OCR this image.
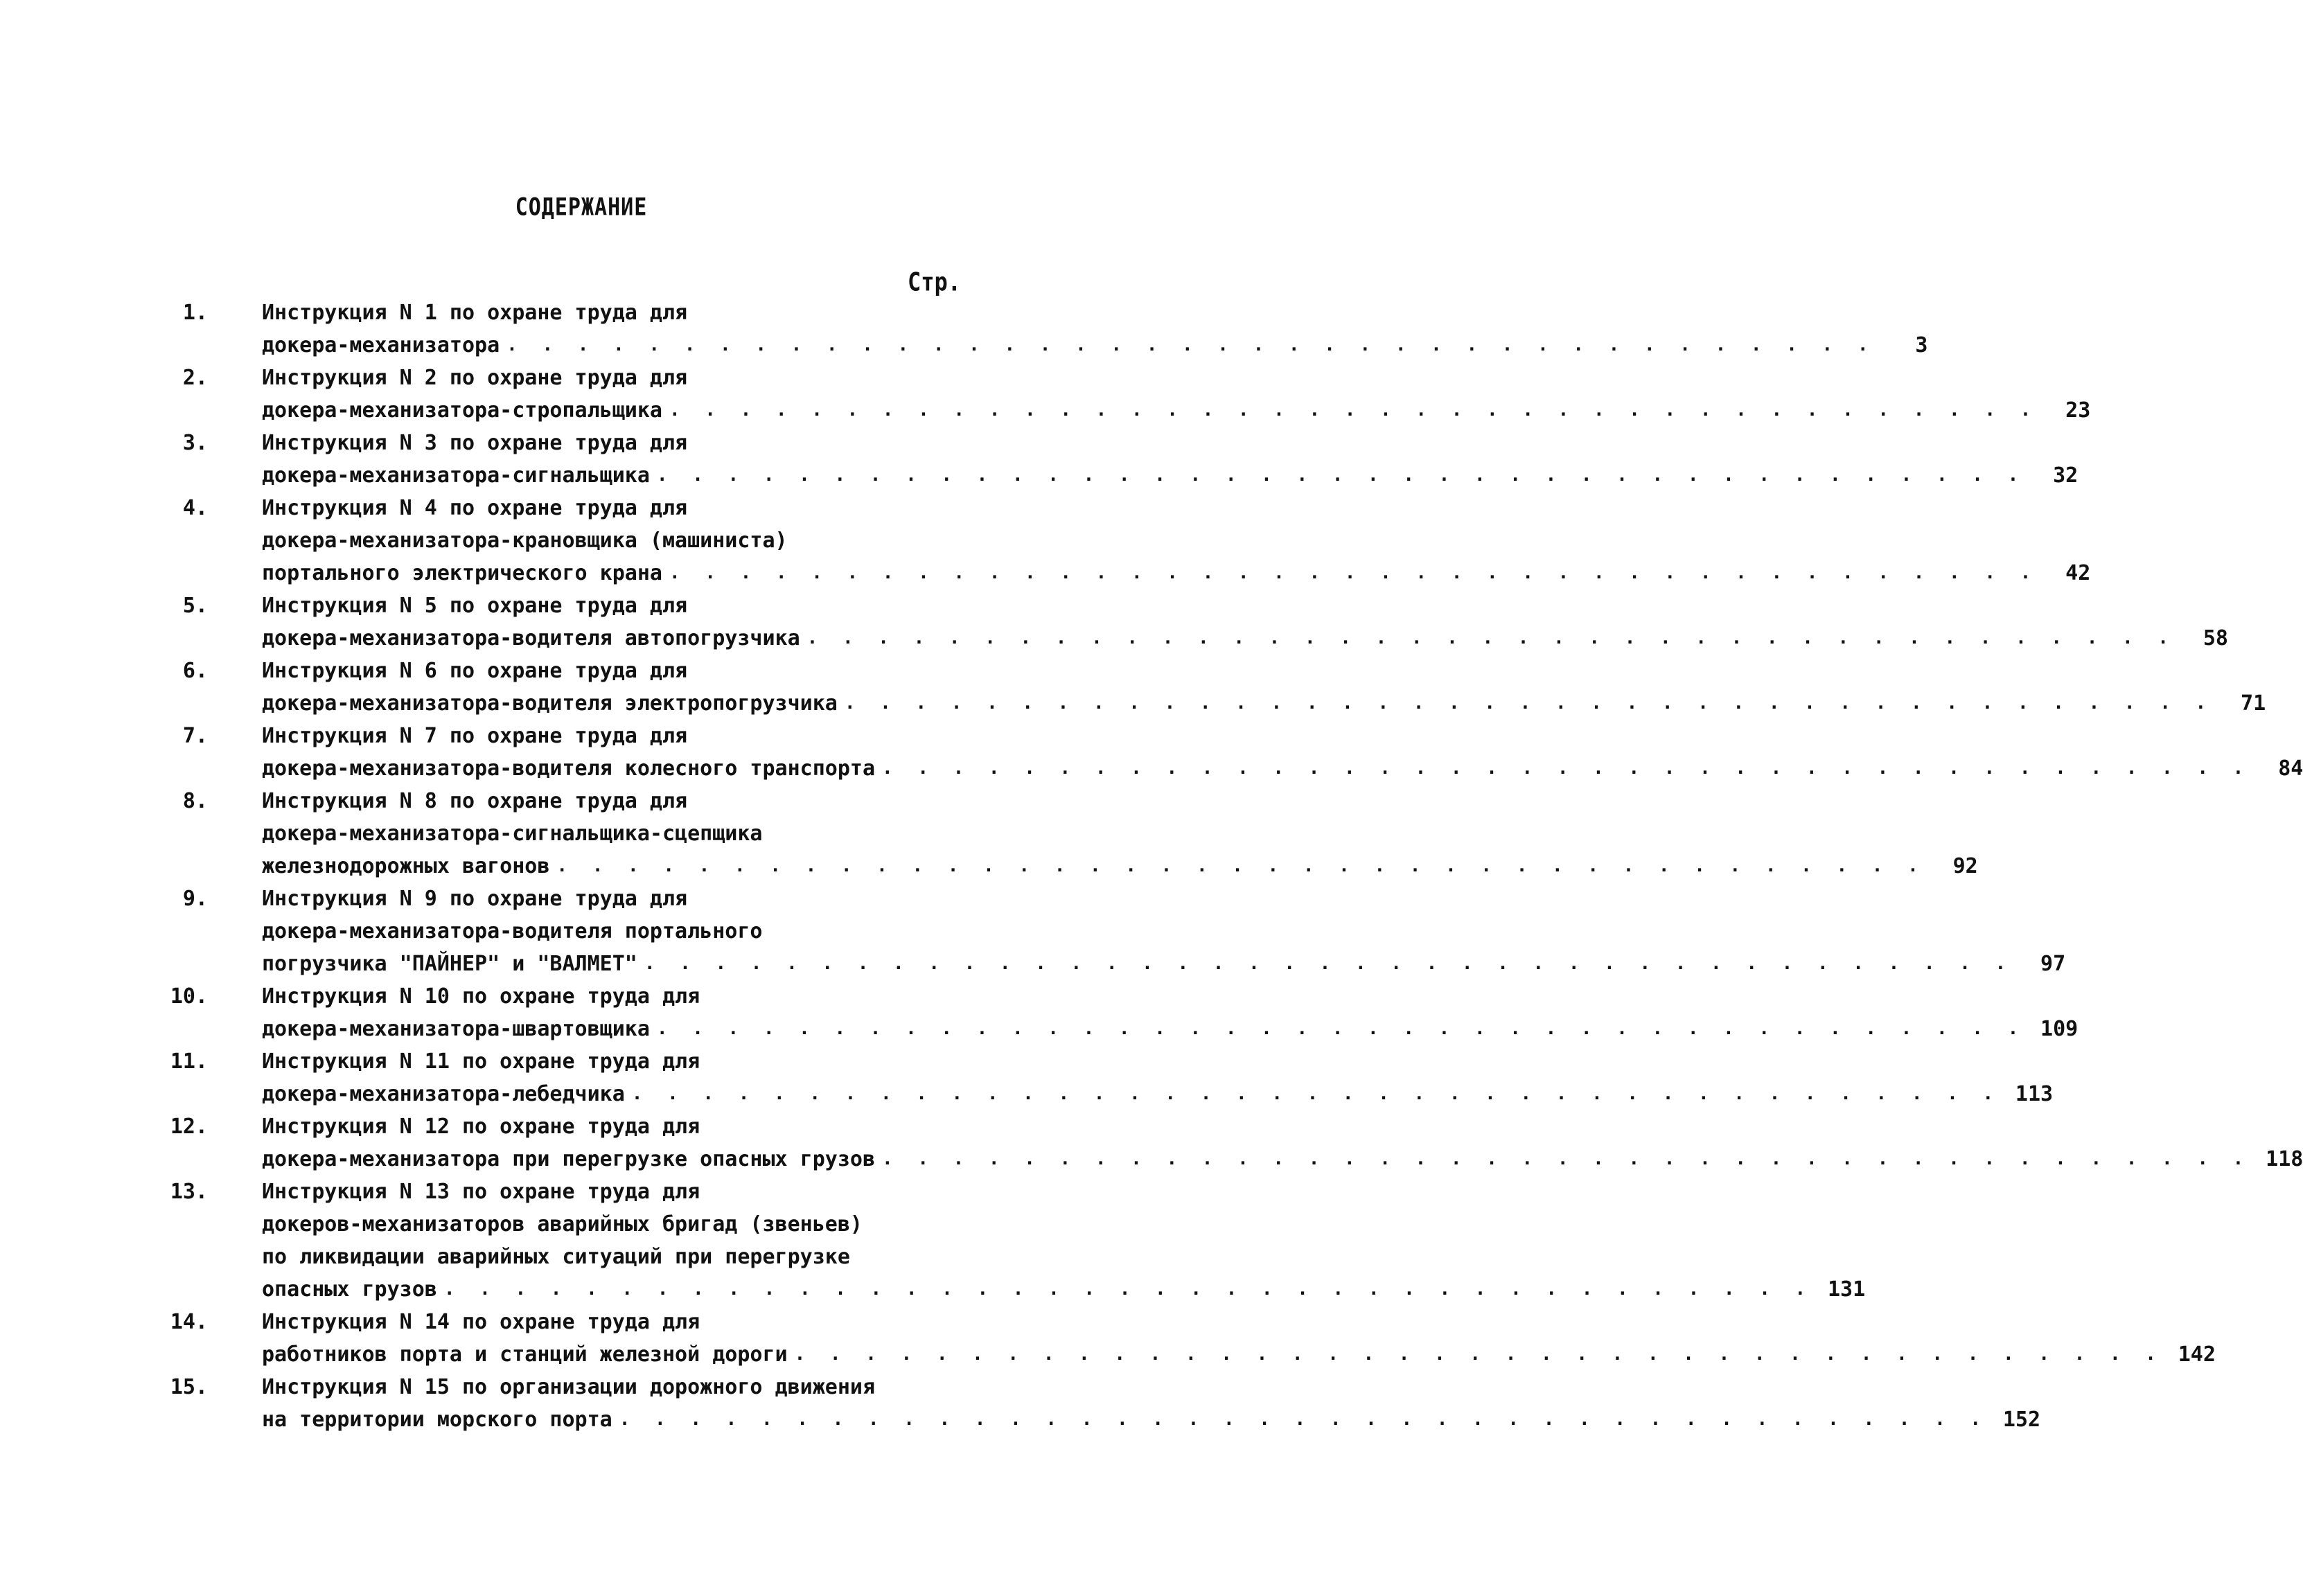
СОДЕРЖАНИЕ
Стр.
1.	Инструкция N 1 по охране труда для
докера-механизатора . . . . . . . . . . . . . . . . . . . . . . . . . . . . . . . . . . . . . . .	3
2.	Инструкция N 2 по охране труда для
докера-механизатора-стропальщика . . . . . . . . . . . . . . . . . . . . . . . . . . . . . . . . . . . . . . .	23
3.	Инструкция N 3 по охране труда для
докера-механизатора-сигнальщика . . . . . . . . . . . . . . . . . . . . . . . . . . . . . . . . . . . . . . .	32
4.	Инструкция N 4 по охране труда для
докера-механизатора-крановщика (машиниста)
портального электрического крана . . . . . . . . . . . . . . . . . . . . . . . . . . . . . . . . . . . . . . .	42
5.	Инструкция N 5 по охране труда для
докера-механизатора-водителя автопогрузчика . . . . . . . . . . . . . . . . . . . . . . . . . . . . . . . . . . . . . . .	58
6.	Инструкция N 6 по охране труда для
докера-механизатора-водителя электропогрузчика . . . . . . . . . . . . . . . . . . . . . . . . . . . . . . . . . . . . . . .	71
7.	Инструкция N 7 по охране труда для
докера-механизатора-водителя колесного транспорта . . . . . . . . . . . . . . . . . . . . . . . . . . . . . . . . . . . . . . .	84
8.	Инструкция N 8 по охране труда для
докера-механизатора-сигнальщика-сцепщика
железнодорожных вагонов . . . . . . . . . . . . . . . . . . . . . . . . . . . . . . . . . . . . . . .	92
9.	Инструкция N 9 по охране труда для
докера-механизатора-водителя портального
погрузчика "ПАЙНЕР" и "ВАЛМЕТ" . . . . . . . . . . . . . . . . . . . . . . . . . . . . . . . . . . . . . . .	97
10.	Инструкция N 10 по охране труда для
докера-механизатора-швартовщика . . . . . . . . . . . . . . . . . . . . . . . . . . . . . . . . . . . . . . . 109
11.	Инструкция N 11 по охране труда для
докера-механизатора-лебедчика . . . . . . . . . . . . . . . . . . . . . . . . . . . . . . . . . . . . . . . 113
12.	Инструкция N 12 по охране труда для
докера-механизатора при перегрузке опасных грузов . . . . . . . . . . . . . . . . . . . . . . . . . . . . . . . . . . . . . . . 118
13.	Инструкция N 13 по охране труда для
докеров-механизаторов аварийных бригад (звеньев)
по ликвидации аварийных ситуаций при перегрузке
опасных грузов . . . . . . . . . . . . . . . . . . . . . . . . . . . . . . . . . . . . . . . 131
14.	Инструкция N 14 по охране труда для
работников порта и станций железной дороги . . . . . . . . . . . . . . . . . . . . . . . . . . . . . . . . . . . . . . . 142
15.	Инструкция N 15 по организации дорожного движения
на территории морского порта . . . . . . . . . . . . . . . . . . . . . . . . . . . . . . . . . . . . . . . 152
